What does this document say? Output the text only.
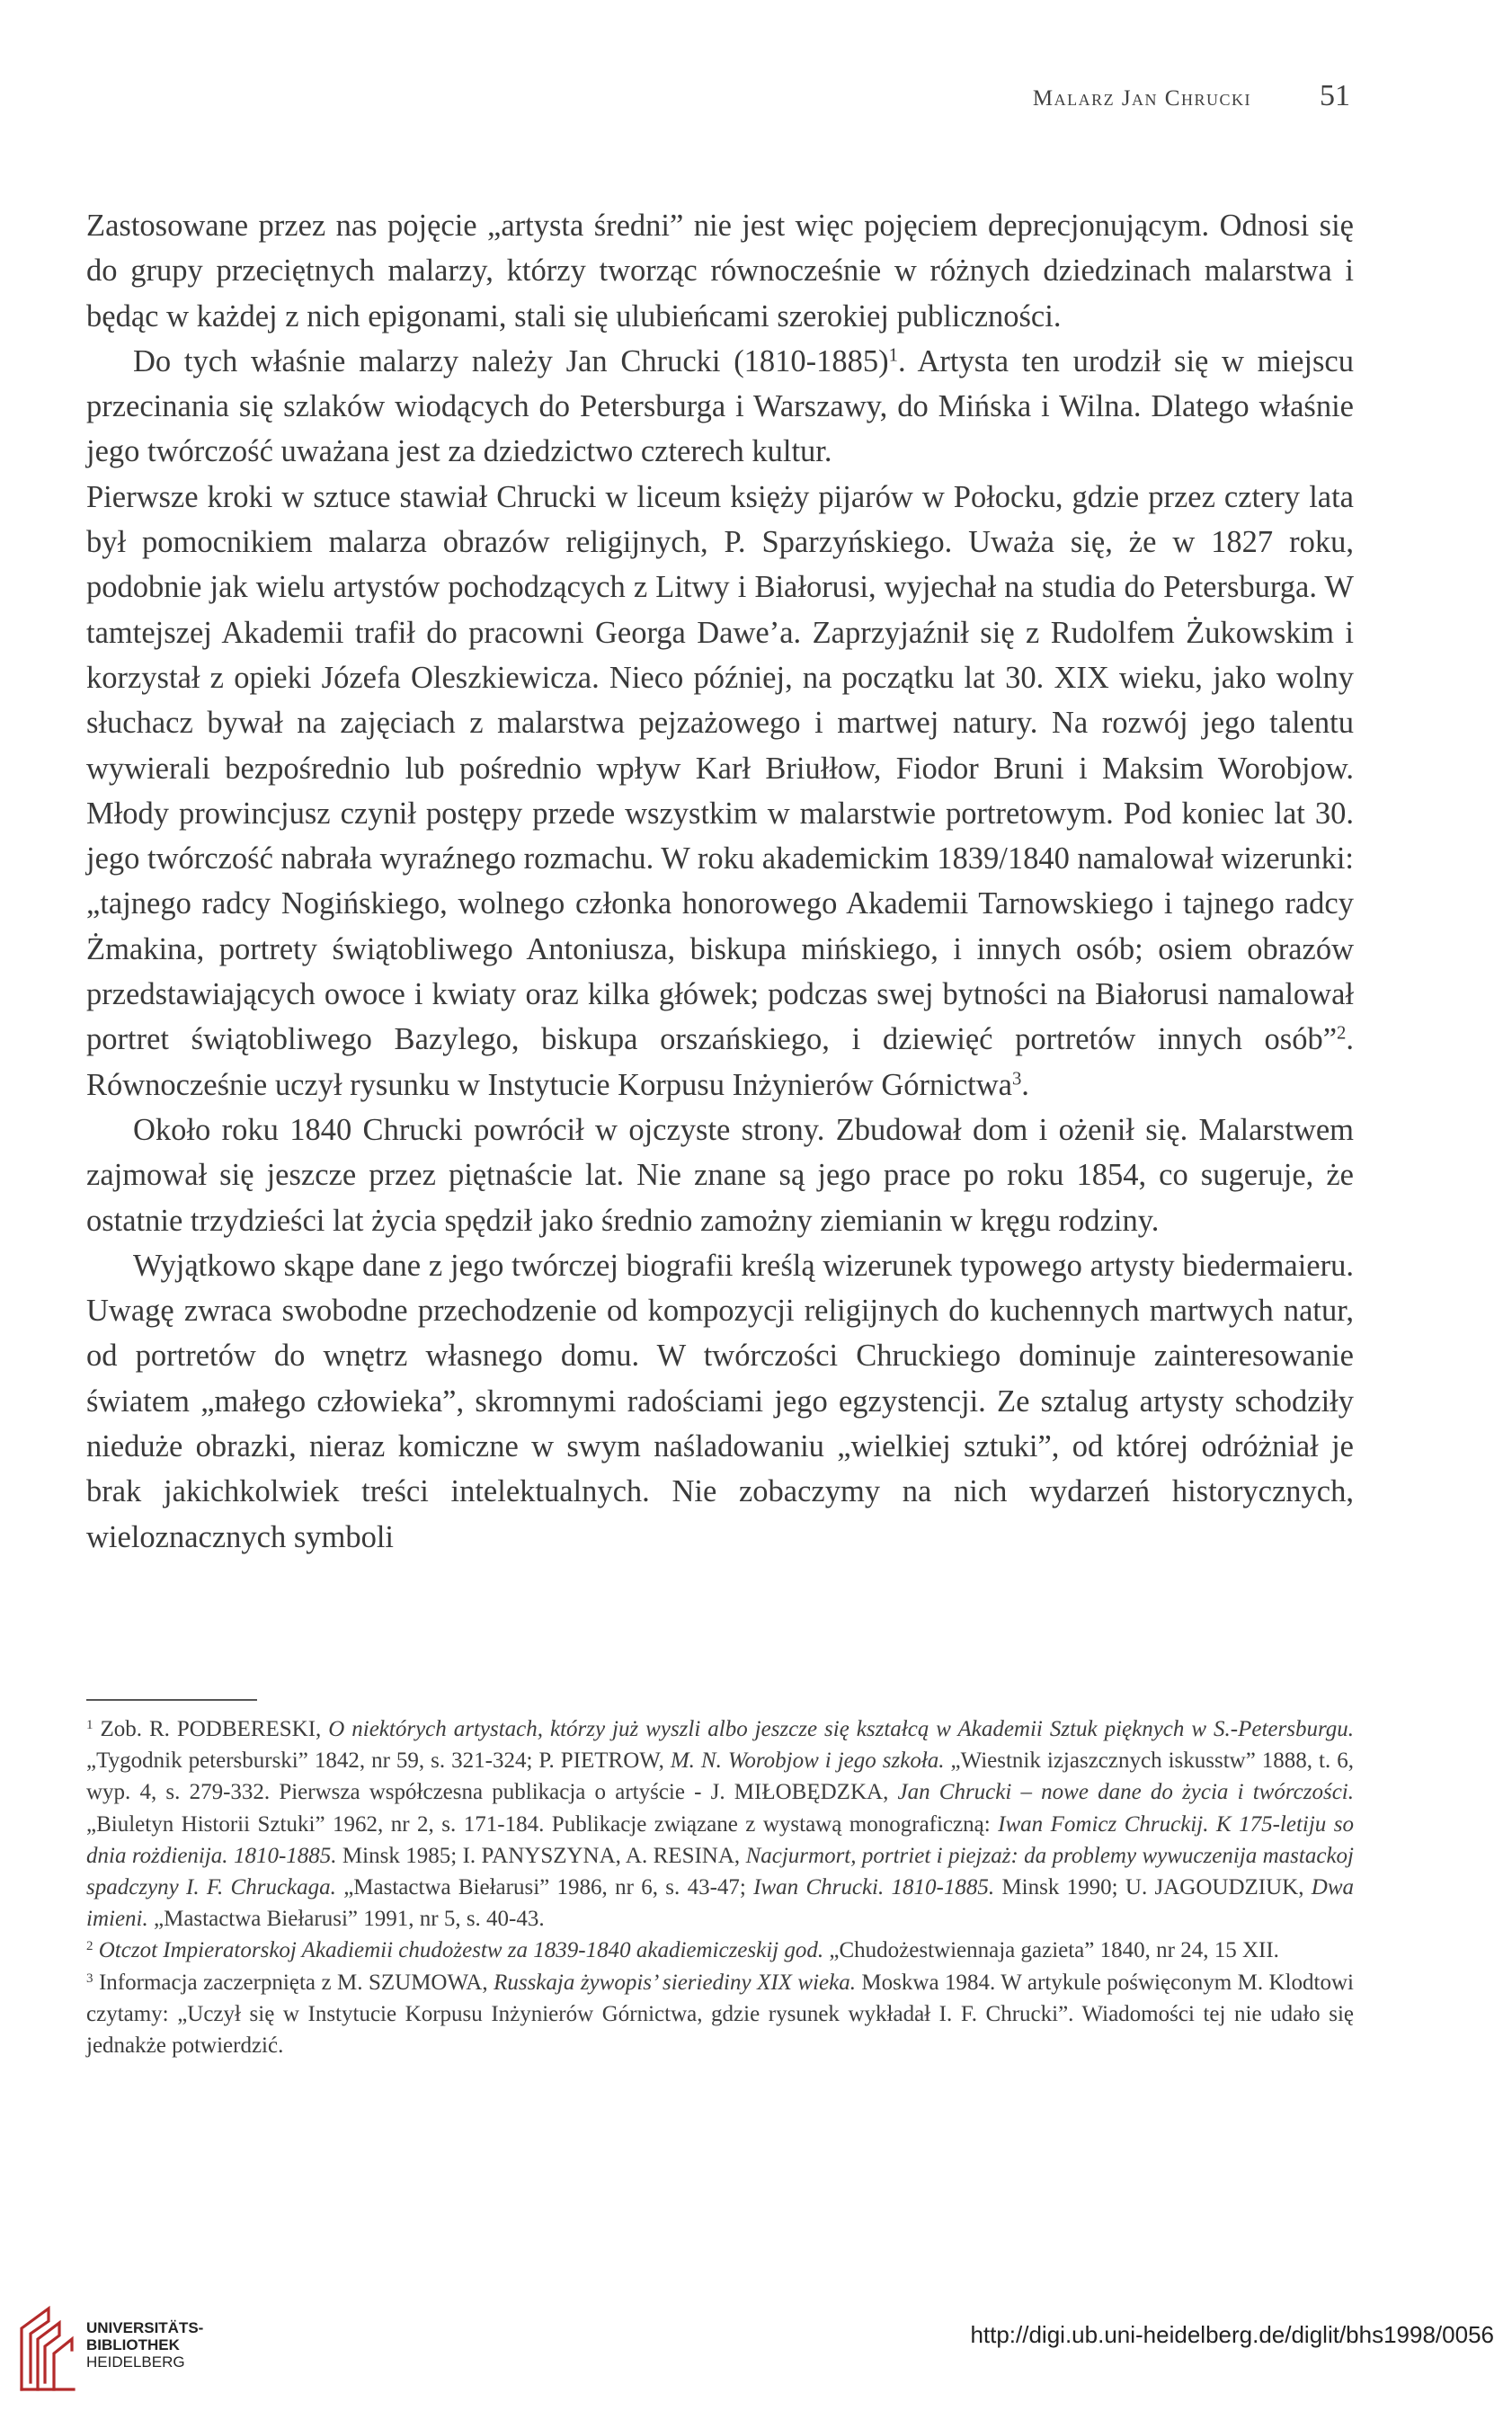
Malarz Jan Chrucki 51

Zastosowane przez nas pojęcie „artysta średni” nie jest więc pojęciem deprecjonującym. Odnosi się do grupy przeciętnych malarzy, którzy tworząc równocześnie w różnych dziedzinach malarstwa i będąc w każdej z nich epigonami, stali się ulubieńcami szerokiej publiczności.

Do tych właśnie malarzy należy Jan Chrucki (1810-1885)$^1$. Artysta ten urodził się w miejscu przecinania się szlaków wiodących do Petersburga i Warszawy, do Mińska i Wilna. Dlatego właśnie jego twórczość uważana jest za dziedzictwo czterech kultur.

Pierwsze kroki w sztuce stawiał Chrucki w liceum księży pijarów w Połocku, gdzie przez cztery lata był pomocnikiem malarza obrazów religijnych, P. Sparzyńskiego. Uważa się, że w 1827 roku, podobnie jak wielu artystów pochodzących z Litwy i Białorusi, wyjechał na studia do Petersburga. W tamtejszej Akademii trafił do pracowni Georga Dawe’a. Zaprzyjaźnił się z Rudolfem Żukowskim i korzystał z opieki Józefa Oleszkiewicza. Nieco później, na początku lat 30. XIX wieku, jako wolny słuchacz bywał na zajęciach z malarstwa pejzażowego i martwej natury. Na rozwój jego talentu wywierali bezpośrednio lub pośrednio wpływ Karł Briułłow, Fiodor Bruni i Maksim Worobjow. Młody prowincjusz czynił postępy przede wszystkim w malarstwie portretowym. Pod koniec lat 30. jego twórczość nabrała wyraźnego rozmachu. W roku akademickim 1839/1840 namalował wizerunki: „tajnego radcy Nogińskiego, wolnego członka honorowego Akademii Tarnowskiego i tajnego radcy Żmakina, portrety świątobliwego Antoniusza, biskupa mińskiego, i innych osób; osiem obrazów przedstawiających owoce i kwiaty oraz kilka główek; podczas swej bytności na Białorusi namalował portret świątobliwego Bazylego, biskupa orszańskiego, i dziewięć portretów innych osób”$^2$. Równocześnie uczył rysunku w Instytucie Korpusu Inżynierów Górnictwa$^3$.

Około roku 1840 Chrucki powrócił w ojczyste strony. Zbudował dom i ożenił się. Malarstwem zajmował się jeszcze przez piętnaście lat. Nie znane są jego prace po roku 1854, co sugeruje, że ostatnie trzydzieści lat życia spędził jako średnio zamożny ziemianin w kręgu rodziny.

Wyjątkowo skąpe dane z jego twórczej biografii kreślą wizerunek typowego artysty biedermaieru. Uwagę zwraca swobodne przechodzenie od kompozycji religijnych do kuchennych martwych natur, od portretów do wnętrz własnego domu. W twórczości Chruckiego dominuje zainteresowanie światem „małego człowieka”, skromnymi radościami jego egzystencji. Ze sztalug artysty schodziły nieduże obrazki, nieraz komiczne w swym naśladowaniu „wielkiej sztuki”, od której odróżniał je brak jakichkolwiek treści intelektualnych. Nie zobaczymy na nich wydarzeń historycznych, wieloznacznych symboli

$^1$ Zob. R. PODBERESKI, O niektórych artystach, którzy już wyszli albo jeszcze się kształcą w Akademii Sztuk pięknych w S.-Petersburgu. „Tygodnik petersburski” 1842, nr 59, s. 321-324; P. PIETROW, M. N. Worobjow i jego szkoła. „Wiestnik izjaszcznych iskusstw” 1888, t. 6, wyp. 4, s. 279-332. Pierwsza współczesna publikacja o artyście - J. MIŁOBĘDZKA, Jan Chrucki – nowe dane do życia i twórczości. „Biuletyn Historii Sztuki” 1962, nr 2, s. 171-184. Publikacje związane z wystawą monograficzną: Iwan Fomicz Chruckij. K 175-letiju so dnia rożdienija. 1810-1885. Minsk 1985; I. PANYSZYNA, A. RESINA, Nacjurmort, portriet i piejzaż: da problemy wywuczenija mastackoj spadczyny I. F. Chruckaga. „Mastactwa Biełarusi” 1986, nr 6, s. 43-47; Iwan Chrucki. 1810-1885. Minsk 1990; U. JAGOUDZIUK, Dwa imieni. „Mastactwa Biełarusi” 1991, nr 5, s. 40-43.

$^2$ Otczot Impieratorskoj Akadiemii chudożestw za 1839-1840 akadiemiczeskij god. „Chudożestwiennaja gazieta” 1840, nr 24, 15 XII.

$^3$ Informacja zaczerpnięta z M. SZUMOWA, Russkaja żywopis’ sieriediny XIX wieka. Moskwa 1984. W artykule poświęconym M. Klodtowi czytamy: „Uczył się w Instytucie Korpusu Inżynierów Górnictwa, gdzie rysunek wykładał I. F. Chrucki”. Wiadomości tej nie udało się jednakże potwierdzić.

UNIVERSITÄTS-
BIBLIOTHEK
HEIDELBERG
http://digi.ub.uni-heidelberg.de/diglit/bhs1998/0056
